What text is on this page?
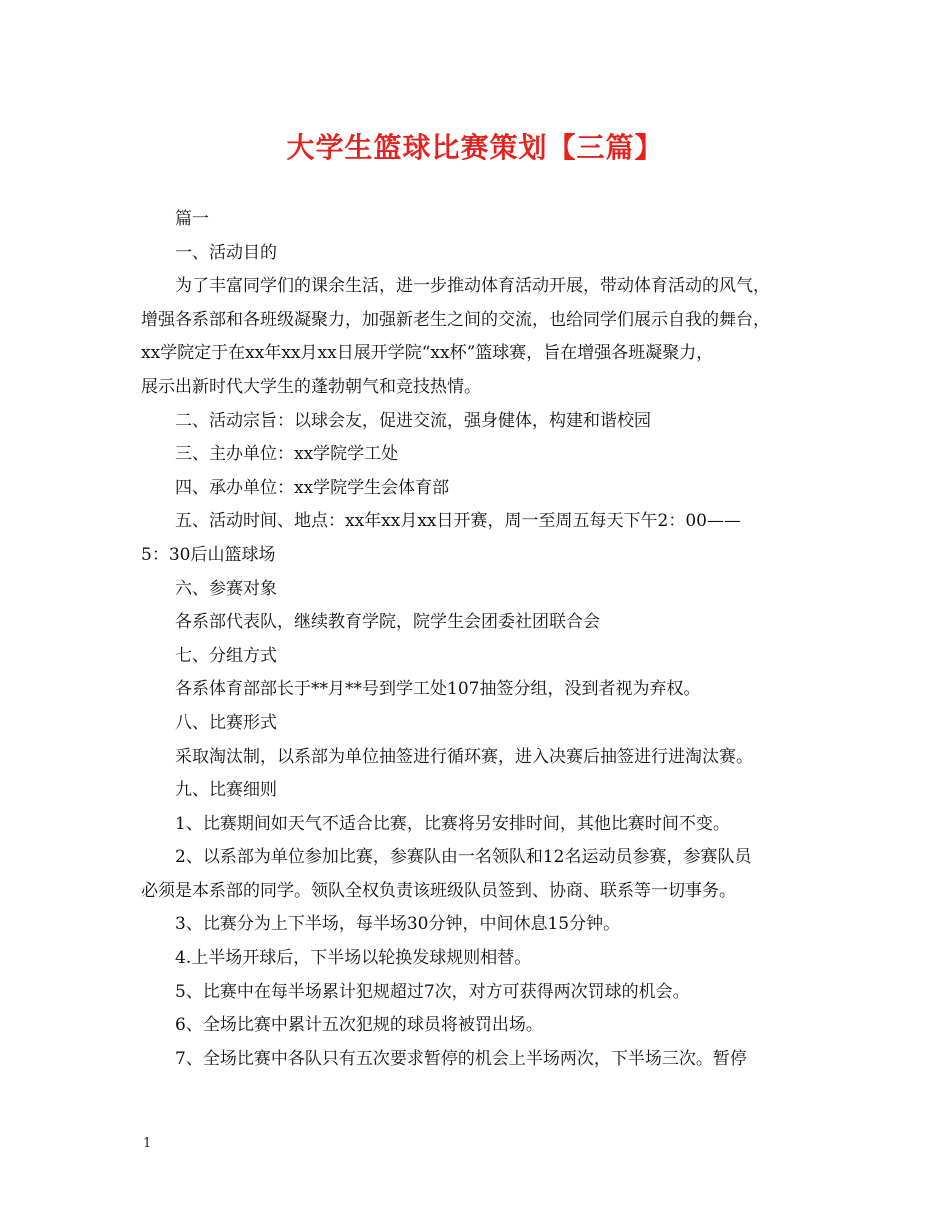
大学生篮球比赛策划【三篇】

篇一

一、活动目的

为了丰富同学们的课余生活，进一步推动体育活动开展，带动体育活动的风气，

增强各系部和各班级凝聚力，加强新老生之间的交流，也给同学们展示自我的舞台，

xx学院定于在xx年xx月xx日展开学院“xx杯”篮球赛，旨在增强各班凝聚力，

展示出新时代大学生的蓬勃朝气和竞技热情。

二、活动宗旨：以球会友，促进交流，强身健体，构建和谐校园

三、主办单位：xx学院学工处

四、承办单位：xx学院学生会体育部

五、活动时间、地点：xx年xx月xx日开赛，周一至周五每天下午2：00——

5：30后山篮球场

六、参赛对象

各系部代表队，继续教育学院，院学生会团委社团联合会

七、分组方式

各系体育部部长于**月**号到学工处107抽签分组，没到者视为弃权。

八、比赛形式

采取淘汰制，以系部为单位抽签进行循环赛，进入决赛后抽签进行进淘汰赛。

九、比赛细则

1、比赛期间如天气不适合比赛，比赛将另安排时间，其他比赛时间不变。

2、以系部为单位参加比赛，参赛队由一名领队和12名运动员参赛，参赛队员

必须是本系部的同学。领队全权负责该班级队员签到、协商、联系等一切事务。

3、比赛分为上下半场，每半场30分钟，中间休息15分钟。

4.上半场开球后，下半场以轮换发球规则相替。

5、比赛中在每半场累计犯规超过7次，对方可获得两次罚球的机会。

6、全场比赛中累计五次犯规的球员将被罚出场。

7、全场比赛中各队只有五次要求暂停的机会上半场两次，下半场三次。暂停

1
